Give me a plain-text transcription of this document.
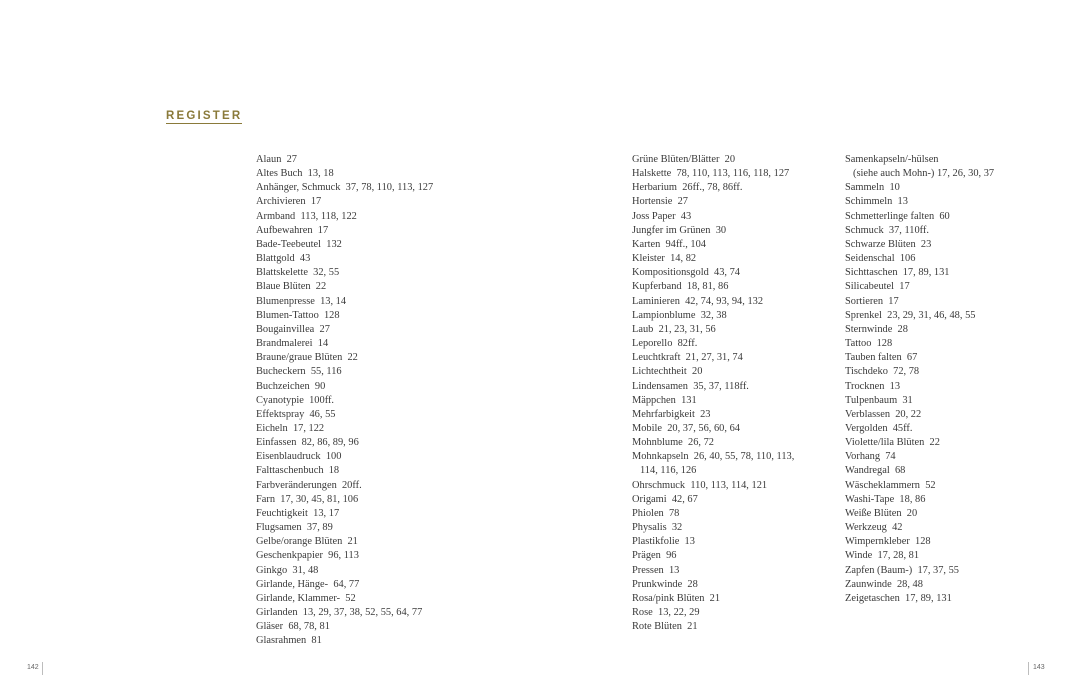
REGISTER
Alaun 27
Altes Buch 13, 18
Anhänger, Schmuck 37, 78, 110, 113, 127
Archivieren 17
Armband 113, 118, 122
Aufbewahren 17
Bade-Teebeutel 132
Blattgold 43
Blattskelette 32, 55
Blaue Blüten 22
Blumenpresse 13, 14
Blumen-Tattoo 128
Bougainvillea 27
Brandmalerei 14
Braune/graue Blüten 22
Bucheckern 55, 116
Buchzeichen 90
Cyanotypie 100ff.
Effektspray 46, 55
Eicheln 17, 122
Einfassen 82, 86, 89, 96
Eisenblaudruck 100
Falttaschenbuch 18
Farbveränderungen 20ff.
Farn 17, 30, 45, 81, 106
Feuchtigkeit 13, 17
Flugsamen 37, 89
Gelbe/orange Blüten 21
Geschenkpapier 96, 113
Ginkgo 31, 48
Girlande, Hänge- 64, 77
Girlande, Klammer- 52
Girlanden 13, 29, 37, 38, 52, 55, 64, 77
Gläser 68, 78, 81
Glasrahmen 81
Grüne Blüten/Blätter 20
Halskette 78, 110, 113, 116, 118, 127
Herbarium 26ff., 78, 86ff.
Hortensie 27
Joss Paper 43
Jungfer im Grünen 30
Karten 94ff., 104
Kleister 14, 82
Kompositionsgold 43, 74
Kupferband 18, 81, 86
Laminieren 42, 74, 93, 94, 132
Lampionblume 32, 38
Laub 21, 23, 31, 56
Leporello 82ff.
Leuchtkraft 21, 27, 31, 74
Lichtechtheit 20
Lindensamen 35, 37, 118ff.
Mäppchen 131
Mehrfarbigkeit 23
Mobile 20, 37, 56, 60, 64
Mohnblume 26, 72
Mohnkapseln 26, 40, 55, 78, 110, 113,
114, 116, 126
Ohrschmuck 110, 113, 114, 121
Origami 42, 67
Phiolen 78
Physalis 32
Plastikfolie 13
Prägen 96
Pressen 13
Prunkwinde 28
Rosa/pink Blüten 21
Rose 13, 22, 29
Rote Blüten 21
Samenkapseln/-hülsen
(siehe auch Mohn-) 17, 26, 30, 37
Sammeln 10
Schimmeln 13
Schmetterlinge falten 60
Schmuck 37, 110ff.
Schwarze Blüten 23
Seidenschal 106
Sichttaschen 17, 89, 131
Silicabeutel 17
Sortieren 17
Sprenkel 23, 29, 31, 46, 48, 55
Sternwinde 28
Tattoo 128
Tauben falten 67
Tischdeko 72, 78
Trocknen 13
Tulpenbaum 31
Verblassen 20, 22
Vergolden 45ff.
Violette/lila Blüten 22
Vorhang 74
Wandregal 68
Wäscheklammern 52
Washi-Tape 18, 86
Weiße Blüten 20
Werkzeug 42
Wimpernkleber 128
Winde 17, 28, 81
Zapfen (Baum-) 17, 37, 55
Zaunwinde 28, 48
Zeigetaschen 17, 89, 131
142	143
